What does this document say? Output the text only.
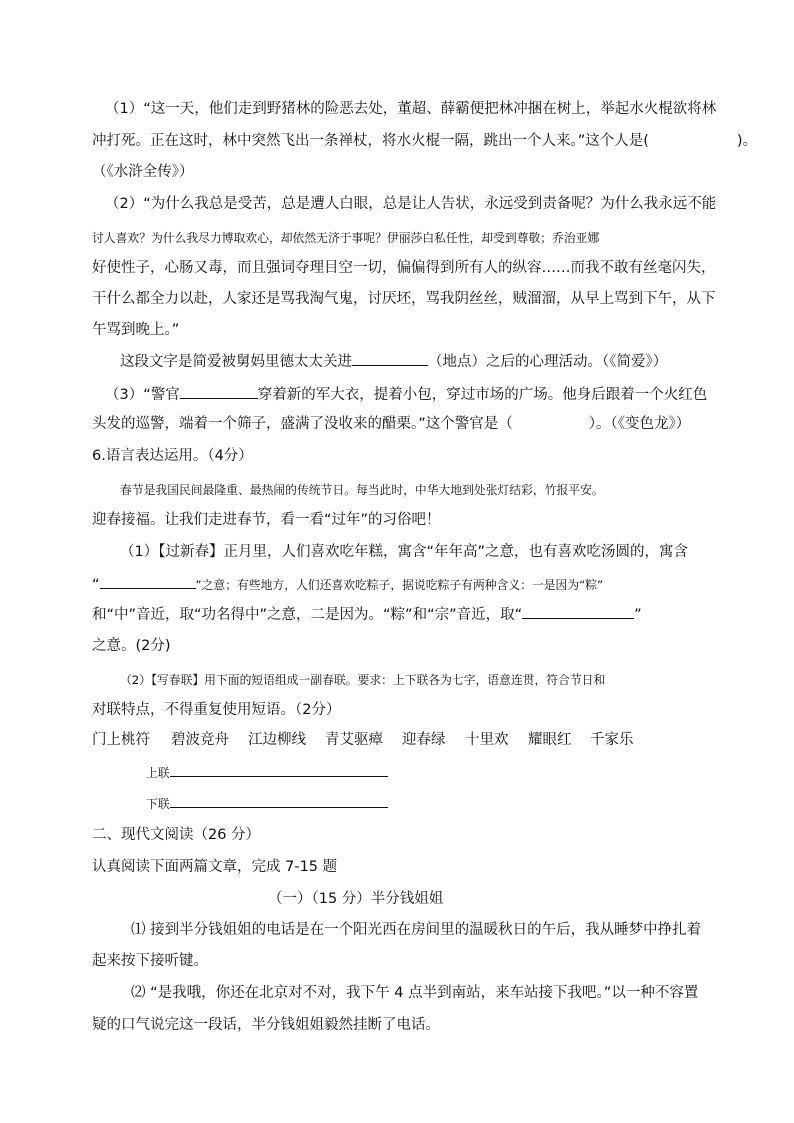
（1）“这一天，他们走到野猪林的险恶去处，董超、薛霸便把林冲捆在树上，举起水火棍欲将林
冲打死。正在这时，林中突然飞出一条禅杖，将水火棍一隔，跳出一个人来。”这个人是(	)。
（《水浒全传》）
（2）“为什么我总是受苦，总是遭人白眼，总是让人告状，永远受到责备呢？为什么我永远不能
讨人喜欢？为什么我尽力博取欢心，却依然无济于事呢？伊丽莎白私任性，却受到尊敬；乔治亚娜
好使性子，心肠又毒，而且强词夺理目空一切，偏偏得到所有人的纵容……而我不敢有丝毫闪失，
干什么都全力以赴，人家还是骂我淘气鬼，讨厌坯，骂我阴丝丝，贼溜溜，从早上骂到下午，从下
午骂到晚上。”
这段文字是简爱被舅妈里德太太关进	（地点）之后的心理活动。（《简爱》）
（3）“警官	穿着新的军大衣，提着小包，穿过市场的广场。他身后跟着一个火红色
头发的巡警，端着一个筛子，盛满了没收来的醋栗。”这个警官是（	）。（《变色龙》）
6.语言表达运用。（4分）
春节是我国民间最隆重、最热闹的传统节日。每当此时，中华大地到处张灯结彩，竹报平安。
迎春接福。让我们走进春节，看一看“过年”的习俗吧！
（1）【过新春】正月里，人们喜欢吃年糕，寓含“年年高”之意，也有喜欢吃汤圆的，寓含
“	”之意；有些地方，人们还喜欢吃粽子，据说吃粽子有两种含义：一是因为“粽”
和“中”音近，取“功名得中”之意，二是因为。“粽”和“宗”音近，取“	”
之意。(2分)
（2）【写春联】用下面的短语组成一副春联。要求：上下联各为七字，语意连贯，符合节日和
对联特点，不得重复使用短语。（2分）
门上桃符 碧波竞舟 江边柳线 青艾驱瘴 迎春绿 十里欢 耀眼红 千家乐
上联
下联
二、现代文阅读（26 分）
认真阅读下面两篇文章，完成 7-15 题
（一）（15 分）半分钱姐姐
⑴ 接到半分钱姐姐的电话是在一个阳光西在房间里的温暖秋日的午后，我从睡梦中挣扎着
起来按下接听键。
⑵ “是我哦，你还在北京对不对，我下午 4 点半到南站，来车站接下我吧。”以一种不容置
疑的口气说完这一段话，半分钱姐姐毅然挂断了电话。
